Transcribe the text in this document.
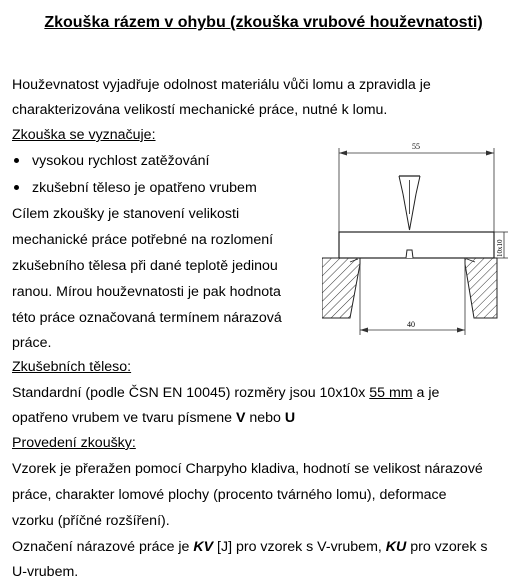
Zkouška rázem v ohybu (zkouška vrubové houževnatosti)
Houževnatost vyjadřuje odolnost materiálu vůči lomu a zpravidla je
charakterizována velikostí mechanické práce, nutné k lomu.
Zkouška se vyznačuje:
vysokou rychlost zatěžování
zkušební těleso je opatřeno vrubem
Cílem zkoušky je stanovení velikosti
mechanické práce potřebné na rozlomení
zkušebního tělesa při dané teplotě jedinou
ranou. Mírou houževnatosti je pak hodnota
této práce označovaná termínem nárazová
práce.
Zkušebních těleso:
Standardní (podle ČSN EN 10045) rozměry jsou 10x10x 55 mm a je
opatřeno vrubem ve tvaru písmene V nebo U
Provedení zkoušky:
Vzorek je přeražen pomocí Charpyho kladiva, hodnotí se velikost nárazové
práce, charakter lomové plochy (procento tvárného lomu), deformace
vzorku (příčné rozšíření).
Označení nárazové práce je KV [J] pro vzorek s V-vrubem, KU pro vzorek s
U-vrubem.
55
10x10
40
